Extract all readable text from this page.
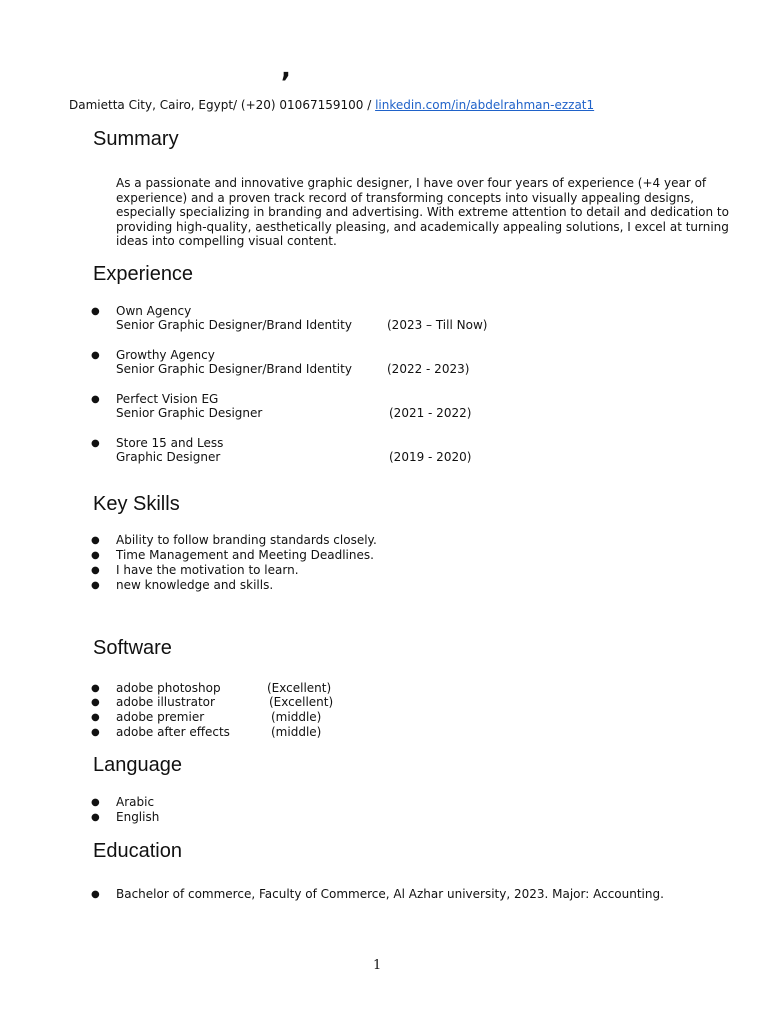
,
Damietta City, Cairo, Egypt/ (+20) 01067159100 / linkedin.com/in/abdelrahman-ezzat1
Summary
As a passionate and innovative graphic designer, I have over four years of experience (+4 year of
experience) and a proven track record of transforming concepts into visually appealing designs,
especially specializing in branding and advertising. With extreme attention to detail and dedication to
providing high-quality, aesthetically pleasing, and academically appealing solutions, I excel at turning
ideas into compelling visual content.
Experience
● Own Agency
Senior Graphic Designer/Brand Identity	(2023 – Till Now)
● Growthy Agency
Senior Graphic Designer/Brand Identity	(2022 - 2023)
● Perfect Vision EG
Senior Graphic Designer	(2021 - 2022)
● Store 15 and Less
Graphic Designer	(2019 - 2020)
Key Skills
● Ability to follow branding standards closely.
● Time Management and Meeting Deadlines.
● I have the motivation to learn.
● new knowledge and skills.
Software
● adobe photoshop	(Excellent)
● adobe illustrator	(Excellent)
● adobe premier	(middle)
● adobe after effects	(middle)
Language
● Arabic
● English
Education
● Bachelor of commerce, Faculty of Commerce, Al Azhar university, 2023. Major: Accounting.
1
